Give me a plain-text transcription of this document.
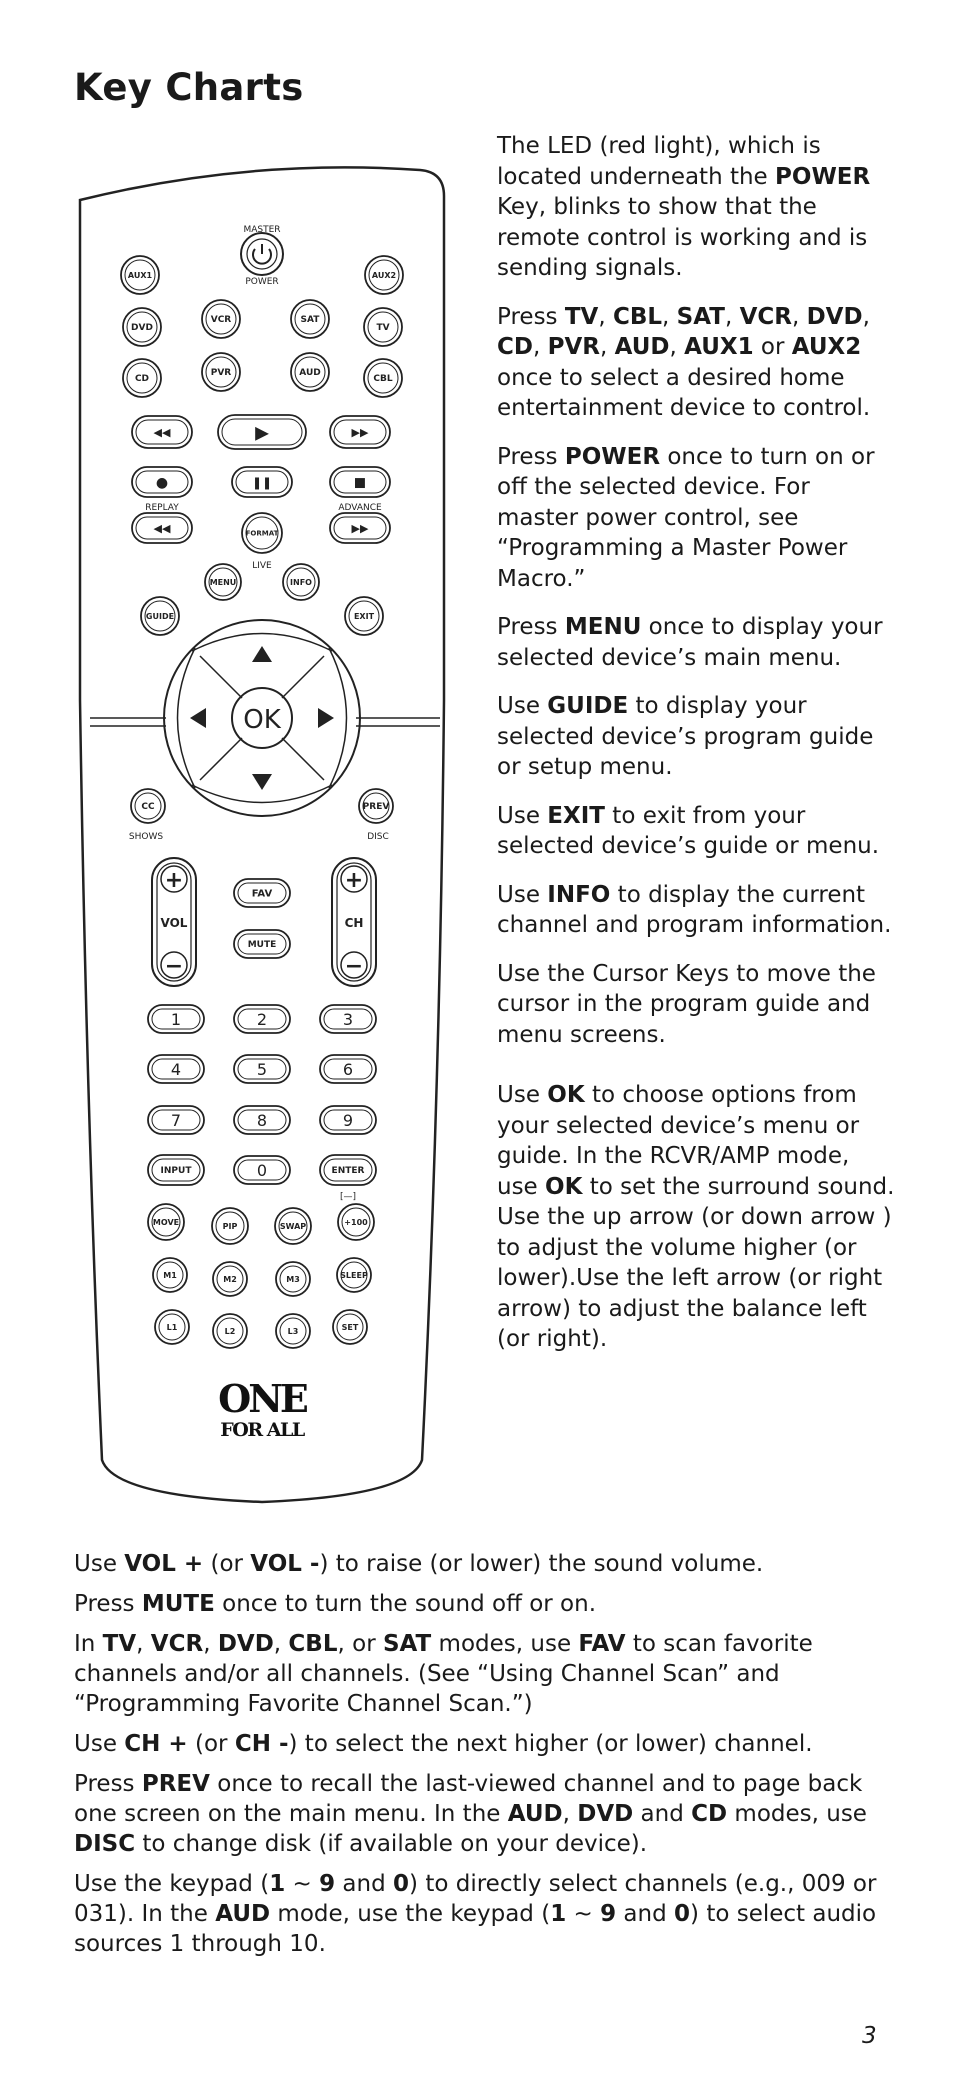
Key Charts
MASTER
POWER
AUX1	AUX2
DVD
VCR	SAT
TV
CD
PVR	AUD
CBL
◀◀	▶	▶▶
●	❚❚	■
◀◀	FORMAT	▶▶
MENU	INFO
GUIDE	EXIT
CC	PREV
FAV
MUTE
1	2	3
4	5	6
7	8	9
INPUT	0	ENTER
MOVE	PIP	SWAP	+100
M1	M2	M3	SLEEP
L1	L2	L3	SET
OK
+
−
VOL
+
−
CH
REPLAY	ADVANCE
LIVE
SHOWS	DISC
[—]
ONE
FOR ALL

The LED (red light), which is located underneath the POWER Key, blinks to show that the remote control is working and is sending signals.

Press TV, CBL, SAT, VCR, DVD, CD, PVR, AUD, AUX1 or AUX2 once to select a desired home entertainment device to control.

Press POWER once to turn on or off the selected device. For master power control, see “Programming a Master Power Macro.”

Press MENU once to display your selected device’s main menu.

Use GUIDE to display your selected device’s program guide or setup menu.

Use EXIT to exit from your selected device’s guide or menu.

Use INFO to display the current channel and program information.

Use the Cursor Keys to move the cursor in the program guide and menu screens.

Use OK to choose options from your selected device’s menu or guide. In the RCVR/AMP mode, use OK to set the surround sound. Use the up arrow (or down arrow ) to adjust the volume higher (or lower).Use the left arrow (or right arrow) to adjust the balance left (or right).

Use VOL + (or VOL -) to raise (or lower) the sound volume.

Press MUTE once to turn the sound off or on.

In TV, VCR, DVD, CBL, or SAT modes, use FAV to scan favorite channels and/or all channels. (See “Using Channel Scan” and “Programming Favorite Channel Scan.”)

Use CH + (or CH -) to select the next higher (or lower) channel.

Press PREV once to recall the last-viewed channel and to page back one screen on the main menu. In the AUD, DVD and CD modes, use DISC to change disk (if available on your device).

Use the keypad (1 ~ 9 and 0) to directly select channels (e.g., 009 or 031). In the AUD mode, use the keypad (1 ~ 9 and 0) to select audio sources 1 through 10.

3
